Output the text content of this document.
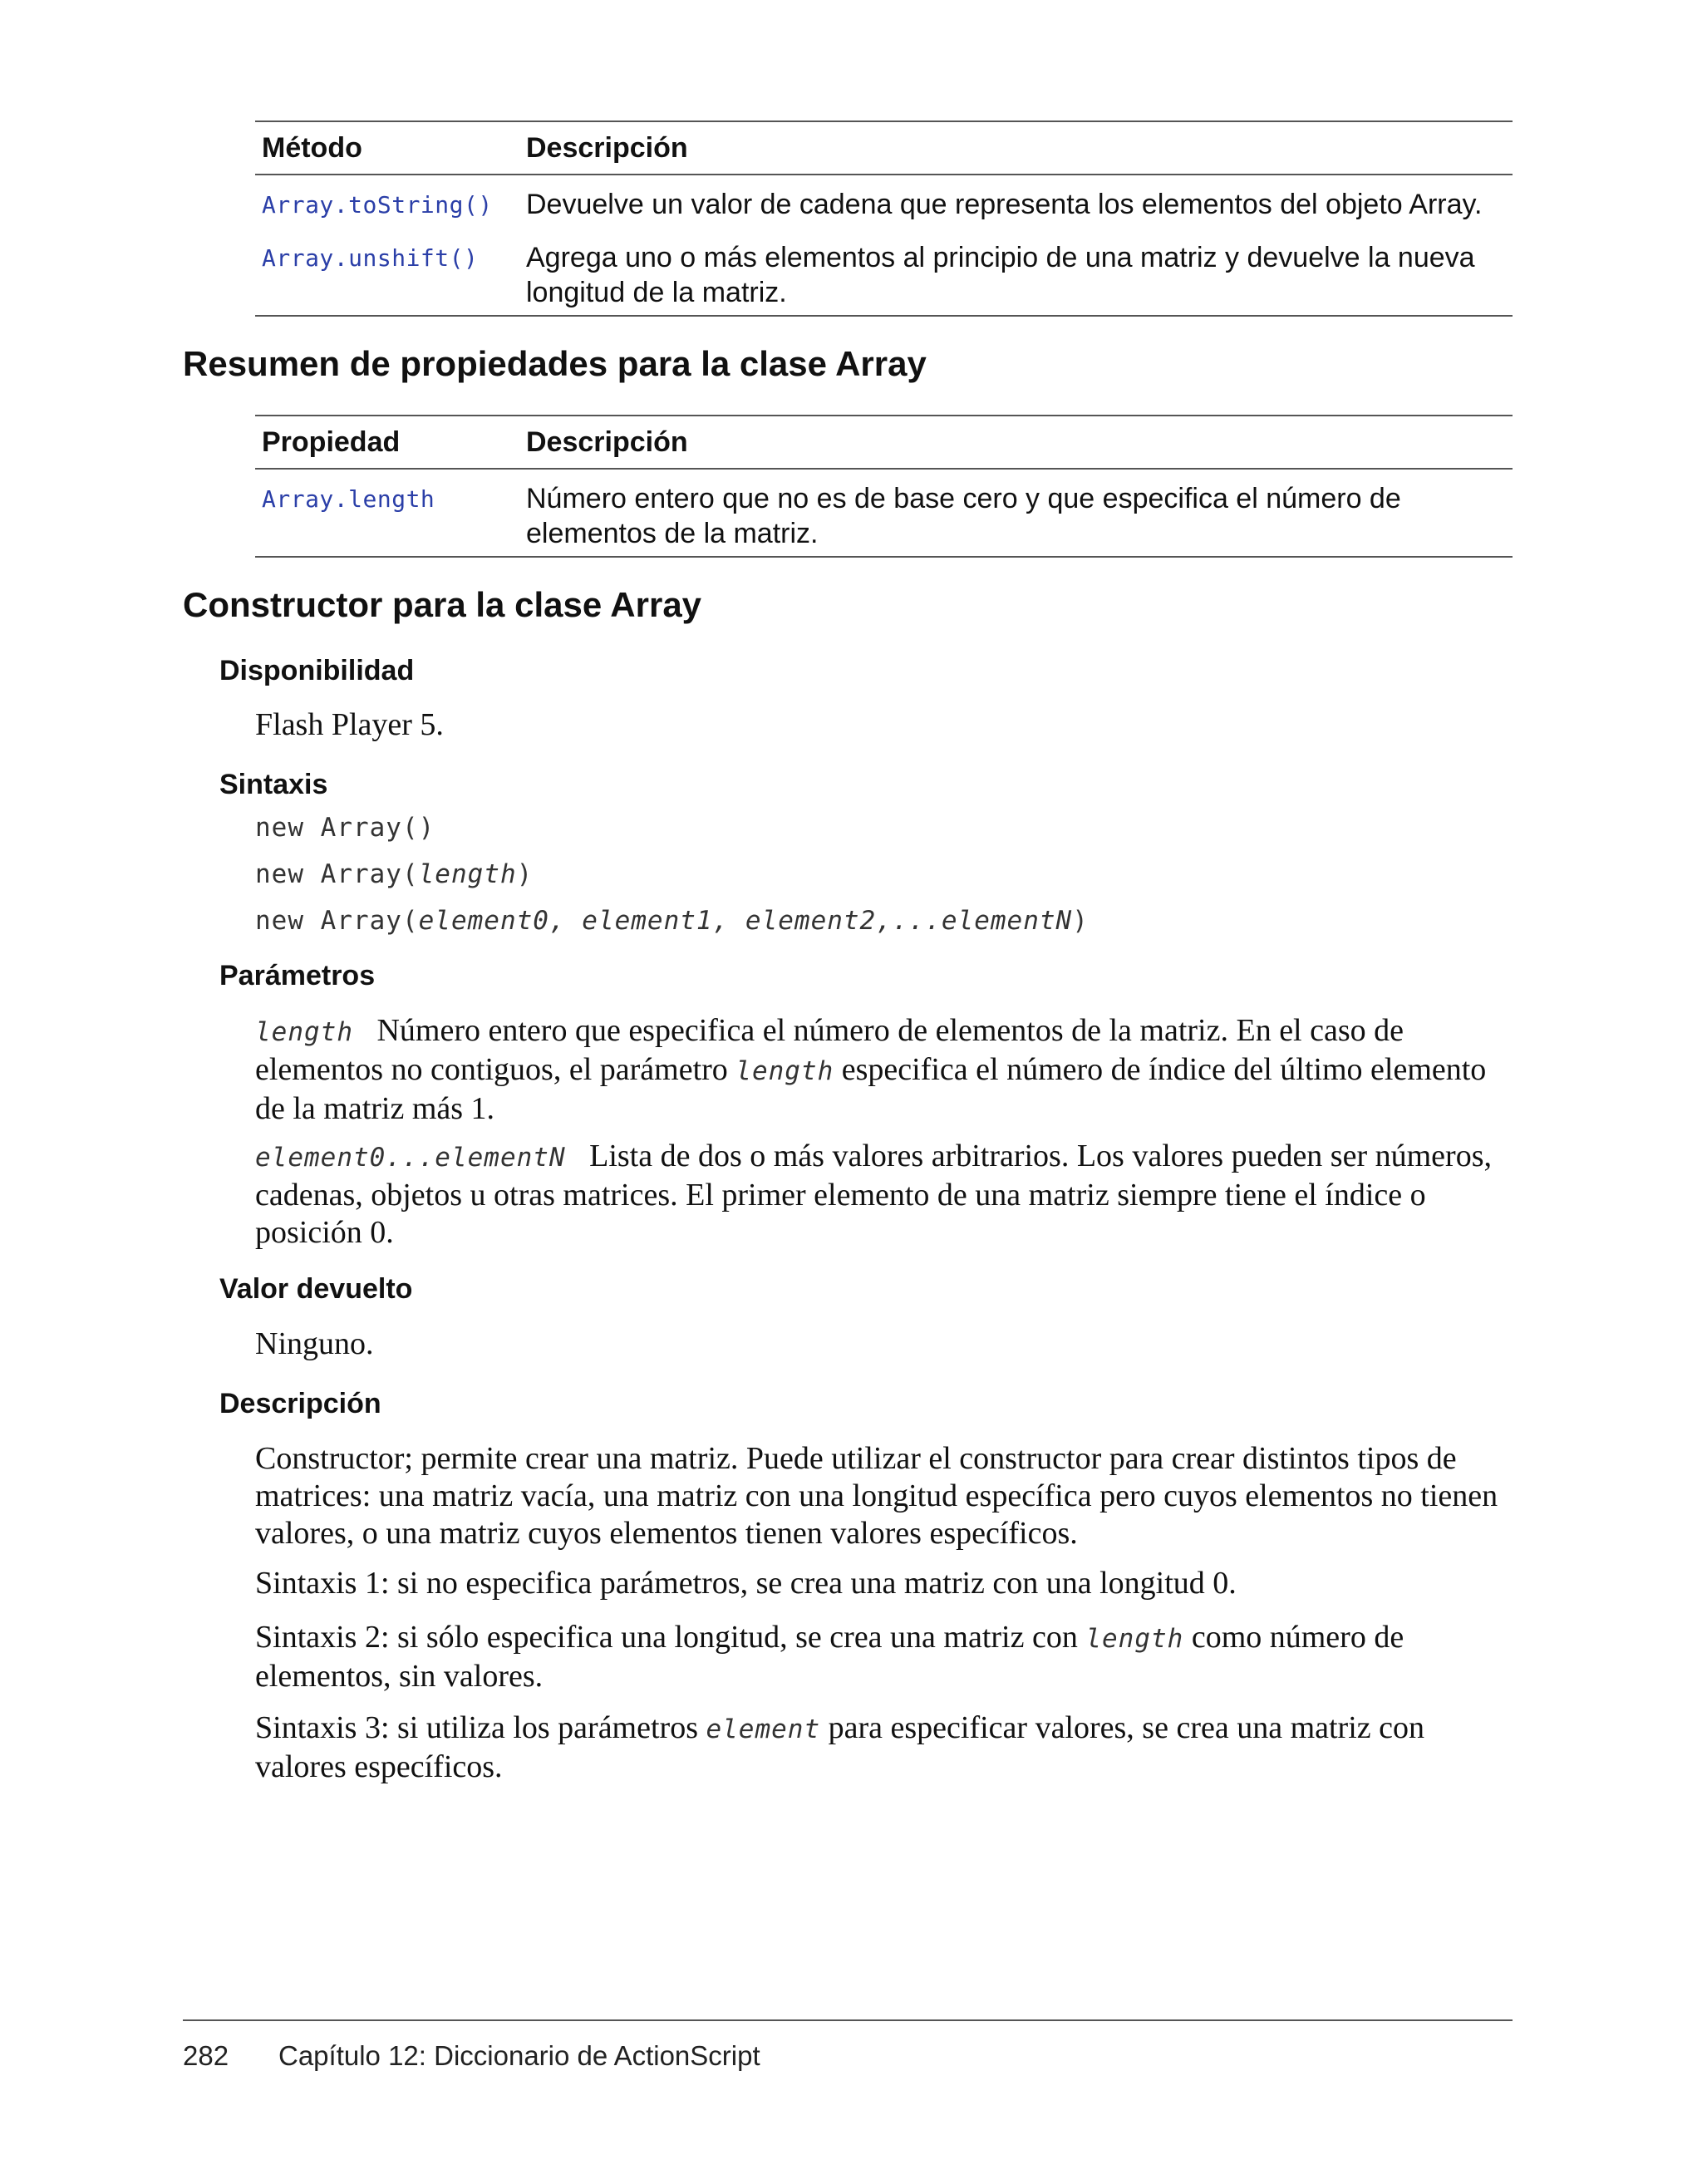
Método	Descripción
Array.toString()	Devuelve un valor de cadena que representa los elementos del objeto Array.
Array.unshift()	Agrega uno o más elementos al principio de una matriz y devuelve la nueva
longitud de la matriz.
Resumen de propiedades para la clase Array
Propiedad	Descripción
Array.length	Número entero que no es de base cero y que especifica el número de
elementos de la matriz.
Constructor para la clase Array
Disponibilidad

Flash Player 5.

Sintaxis

new Array()

new Array(length)

new Array(element0, element1, element2,...elementN)

Parámetros

length Número entero que especifica el número de elementos de la matriz. En el caso de elementos no contiguos, el parámetro length especifica el número de índice del último elemento de la matriz más 1.

element0...elementN Lista de dos o más valores arbitrarios. Los valores pueden ser números, cadenas, objetos u otras matrices. El primer elemento de una matriz siempre tiene el índice o posición 0.

Valor devuelto

Ninguno.

Descripción

Constructor; permite crear una matriz. Puede utilizar el constructor para crear distintos tipos de matrices: una matriz vacía, una matriz con una longitud específica pero cuyos elementos no tienen valores, o una matriz cuyos elementos tienen valores específicos.

Sintaxis 1: si no especifica parámetros, se crea una matriz con una longitud 0.

Sintaxis 2: si sólo especifica una longitud, se crea una matriz con length como número de elementos, sin valores.

Sintaxis 3: si utiliza los parámetros element para especificar valores, se crea una matriz con valores específicos.

282 Capítulo 12: Diccionario de ActionScript
